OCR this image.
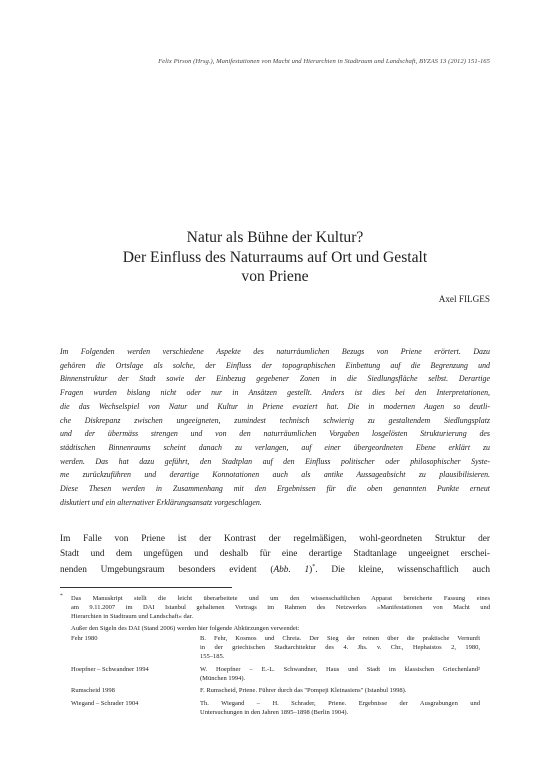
Felix Pirson (Hrsg.), Manifestationen von Macht und Hierarchien in Stadtraum und Landschaft, BYZAS 13 (2012) 151-165
Natur als Bühne der Kultur?
Der Einfluss des Naturraums auf Ort und Gestalt
von Priene
Axel FILGES
Im Folgenden werden verschiedene Aspekte des naturräumlichen Bezugs von Priene erörtert. Dazu
gehören die Ortslage als solche, der Einfluss der topographischen Einbettung auf die Begrenzung und
Binnenstruktur der Stadt sowie der Einbezug gegebener Zonen in die Siedlungsfläche selbst. Derartige
Fragen wurden bislang nicht oder nur in Ansätzen gestellt. Anders ist dies bei den Interpretationen,
die das Wechselspiel von Natur und Kultur in Priene evoziert hat. Die in modernen Augen so deutli-
che Diskrepanz zwischen ungeeigneten, zumindest technisch schwierig zu gestaltendem Siedlungsplatz
und der übermäss strengen und von den naturräumlichen Vorgaben losgelösten Strukturierung des
städtischen Binnenraums scheint danach zu verlangen, auf einer übergeordneten Ebene erklärt zu
werden. Das hat dazu geführt, den Stadtplan auf den Einfluss politischer oder philosophischer Syste-
me zurückzuführen und derartige Konnotationen auch als antike Aussageabsicht zu plausibilisieren.
Diese Thesen werden in Zusammenhang mit den Ergebnissen für die oben genannten Punkte erneut
diskutiert und ein alternativer Erklärungsansatz vorgeschlagen.
Im Falle von Priene ist der Kontrast der regelmäßigen, wohl-geordneten Struktur der
Stadt und dem ungefügen und deshalb für eine derartige Stadtanlage ungeeignet erschei-
nenden Umgebungsraum besonders evident (Abb. 1)*. Die kleine, wissenschaftlich auch
* Das Manuskript stellt die leicht überarbeitete und um den wissenschaftlichen Apparat bereicherte Fassung eines
am 9.11.2007 im DAI Istanbul gehaltenen Vortrags im Rahmen des Netzwerkes »Manifestationen von Macht und
Hierarchien in Stadtraum und Landschaft« dar.
Außer den Sigeln des DAI (Stand 2006) werden hier folgende Abkürzungen verwendet:
Fehr 1980	B. Fehr, Kosmos und Chreia. Der Sieg der reinen über die praktische Vernunft
in der griechischen Stadtarchitektur des 4. Jhs. v. Chr., Hephaistos 2, 1980,
155–185.
Hoepfner – Schwandner 1994	W. Hoepfner – E.-L. Schwandner, Haus und Stadt im klassischen Griechenland²
(München 1994).
Rumscheid 1998	F. Rumscheid, Priene. Führer durch das "Pompeji Kleinasiens" (Istanbul 1998).
Wiegand – Schrader 1904	Th. Wiegand – H. Schrader, Priene. Ergebnisse der Ausgrabungen und
Untersuchungen in den Jahren 1895–1898 (Berlin 1904).
